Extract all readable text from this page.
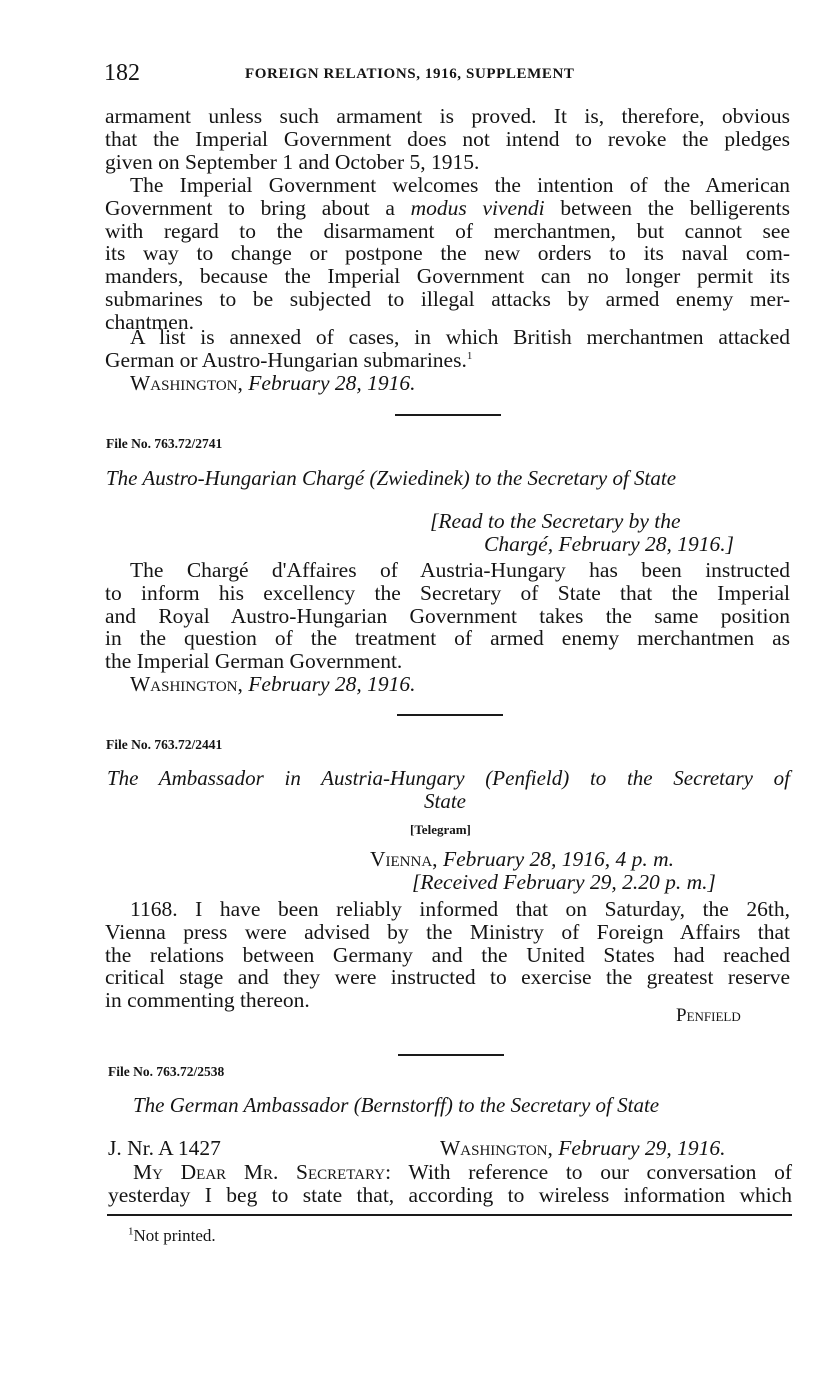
182	FOREIGN RELATIONS, 1916, SUPPLEMENT
armament unless such armament is proved. It is, therefore, obvious
that the Imperial Government does not intend to revoke the pledges
given on September 1 and October 5, 1915.
The Imperial Government welcomes the intention of the American
Government to bring about a modus vivendi between the belligerents
with regard to the disarmament of merchantmen, but cannot see
its way to change or postpone the new orders to its naval com-
manders, because the Imperial Government can no longer permit its
submarines to be subjected to illegal attacks by armed enemy mer-
chantmen.
A list is annexed of cases, in which British merchantmen attacked
German or Austro-Hungarian submarines.$^1$
Washington, February 28, 1916.
File No. 763.72/2741
The Austro-Hungarian Chargé (Zwiedinek) to the Secretary of State
[Read to the Secretary by the
Chargé, February 28, 1916.]
The Chargé d'Affaires of Austria-Hungary has been instructed
to inform his excellency the Secretary of State that the Imperial
and Royal Austro-Hungarian Government takes the same position
in the question of the treatment of armed enemy merchantmen as
the Imperial German Government.
Washington, February 28, 1916.
File No. 763.72/2441
The Ambassador in Austria-Hungary (Penfield) to the Secretary of
State
[Telegram]
Vienna, February 28, 1916, 4 p. m.
[Received February 29, 2.20 p. m.]
1168. I have been reliably informed that on Saturday, the 26th,
Vienna press were advised by the Ministry of Foreign Affairs that
the relations between Germany and the United States had reached
critical stage and they were instructed to exercise the greatest reserve
in commenting thereon.
Penfield
File No. 763.72/2538
The German Ambassador (Bernstorff) to the Secretary of State
J. Nr. A 1427	Washington, February 29, 1916.
My Dear Mr. Secretary: With reference to our conversation of
yesterday I beg to state that, according to wireless information which
$^1$Not printed.
